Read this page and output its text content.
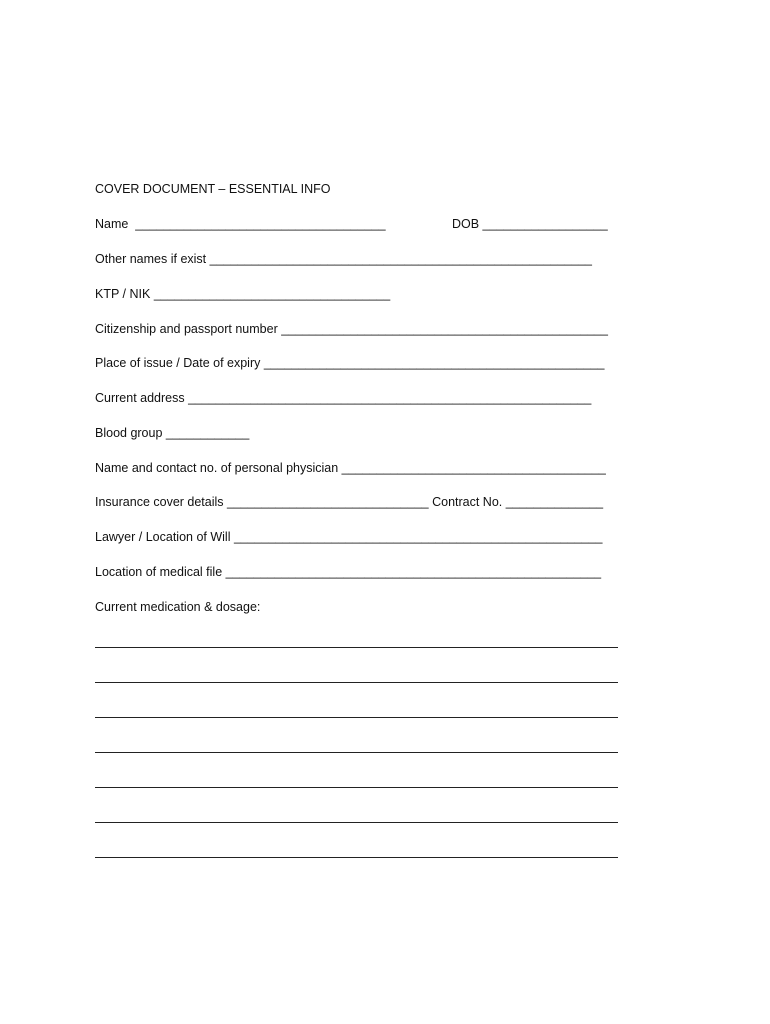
COVER DOCUMENT – ESSENTIAL INFO
Name  ____________________________________	DOB __________________
Other names if exist _______________________________________________________
KTP / NIK __________________________________
Citizenship and passport number _______________________________________________
Place of issue / Date of expiry _________________________________________________
Current address __________________________________________________________
Blood group ____________
Name and contact no. of personal physician ______________________________________
Insurance cover details _____________________________ Contract No. ______________
Lawyer / Location of Will _____________________________________________________
Location of medical file ______________________________________________________
Current medication & dosage:
